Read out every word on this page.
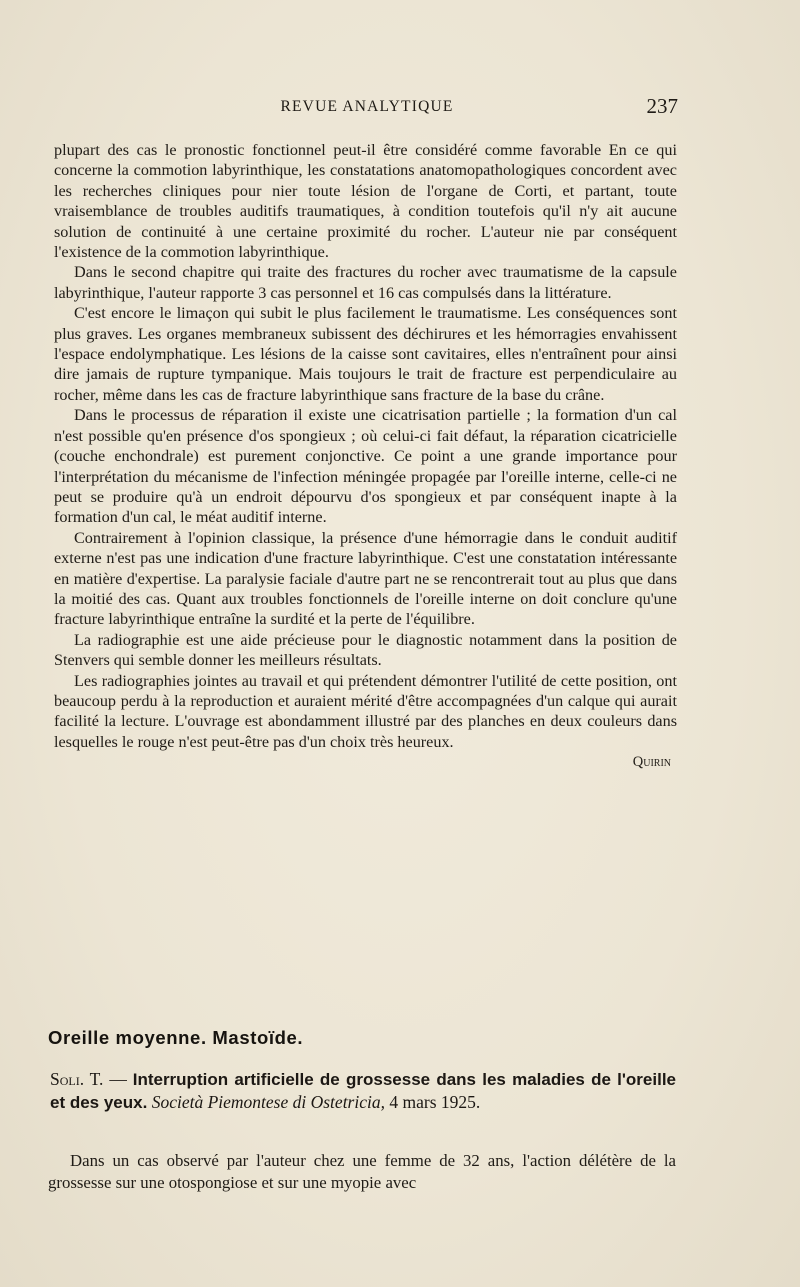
REVUE ANALYTIQUE	237

plupart des cas le pronostic fonctionnel peut-il être considéré comme favorable En ce qui concerne la commotion labyrinthique, les constatations anatomopathologiques concordent avec les recherches cliniques pour nier toute lésion de l'organe de Corti, et partant, toute vraisemblance de troubles auditifs traumatiques, à condition toutefois qu'il n'y ait aucune solution de continuité à une certaine proximité du rocher. L'auteur nie par conséquent l'existence de la commotion labyrinthique.

Dans le second chapitre qui traite des fractures du rocher avec traumatisme de la capsule labyrinthique, l'auteur rapporte 3 cas personnel et 16 cas compulsés dans la littérature.

C'est encore le limaçon qui subit le plus facilement le traumatisme. Les conséquences sont plus graves. Les organes membraneux subissent des déchirures et les hémorragies envahissent l'espace endolymphatique. Les lésions de la caisse sont cavitaires, elles n'entraînent pour ainsi dire jamais de rupture tympanique. Mais toujours le trait de fracture est perpendiculaire au rocher, même dans les cas de fracture labyrinthique sans fracture de la base du crâne.

Dans le processus de réparation il existe une cicatrisation partielle ; la formation d'un cal n'est possible qu'en présence d'os spongieux ; où celui-ci fait défaut, la réparation cicatricielle (couche enchondrale) est purement conjonctive. Ce point a une grande importance pour l'interprétation du mécanisme de l'infection méningée propagée par l'oreille interne, celle-ci ne peut se produire qu'à un endroit dépourvu d'os spongieux et par conséquent inapte à la formation d'un cal, le méat auditif interne.

Contrairement à l'opinion classique, la présence d'une hémorragie dans le conduit auditif externe n'est pas une indication d'une fracture labyrinthique. C'est une constatation intéressante en matière d'expertise. La paralysie faciale d'autre part ne se rencontrerait tout au plus que dans la moitié des cas. Quant aux troubles fonctionnels de l'oreille interne on doit conclure qu'une fracture labyrinthique entraîne la surdité et la perte de l'équilibre.

La radiographie est une aide précieuse pour le diagnostic notamment dans la position de Stenvers qui semble donner les meilleurs résultats.

Les radiographies jointes au travail et qui prétendent démontrer l'utilité de cette position, ont beaucoup perdu à la reproduction et auraient mérité d'être accompagnées d'un calque qui aurait facilité la lecture. L'ouvrage est abondamment illustré par des planches en deux couleurs dans lesquelles le rouge n'est peut-être pas d'un choix très heureux.

Quirin
Oreille moyenne. Mastoïde.
Soli. T. — Interruption artificielle de grossesse dans les maladies de l'oreille et des yeux. Società Piemontese di Ostetricia, 4 mars 1925.

Dans un cas observé par l'auteur chez une femme de 32 ans, l'action délétère de la grossesse sur une otospongiose et sur une myopie avec
